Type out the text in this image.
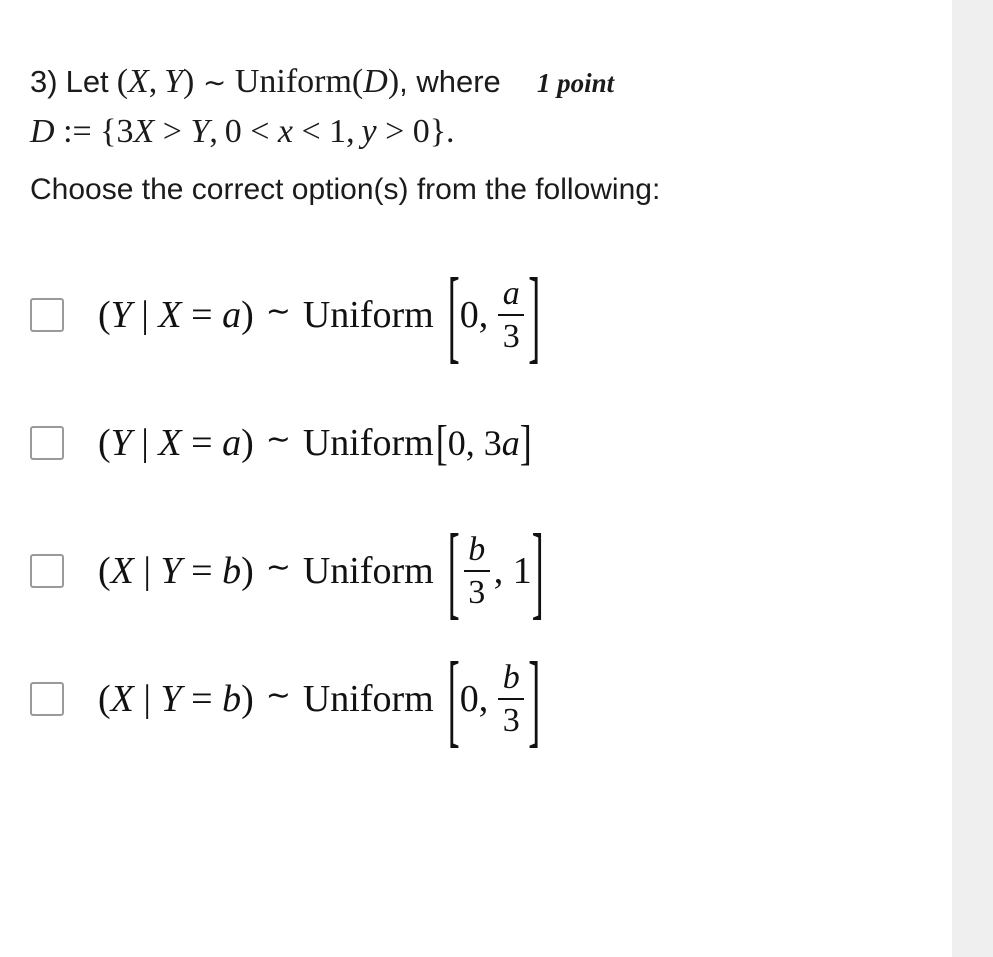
3) Let (X, Y) ∼ Uniform(D) , where 1 point
D := {3X > Y, 0 < x < 1, y > 0}.
Choose the correct option(s) from the following:
(Y | X = a) ∼ Uniform [ 0, $\frac{a}{3}$ ]
(Y | X = a) ∼ Uniform [ 0, 3a ]
(X | Y = b) ∼ Uniform [ $\frac{b}{3}$ , 1 ]
(X | Y = b) ∼ Uniform [ 0, $\frac{b}{3}$ ]
